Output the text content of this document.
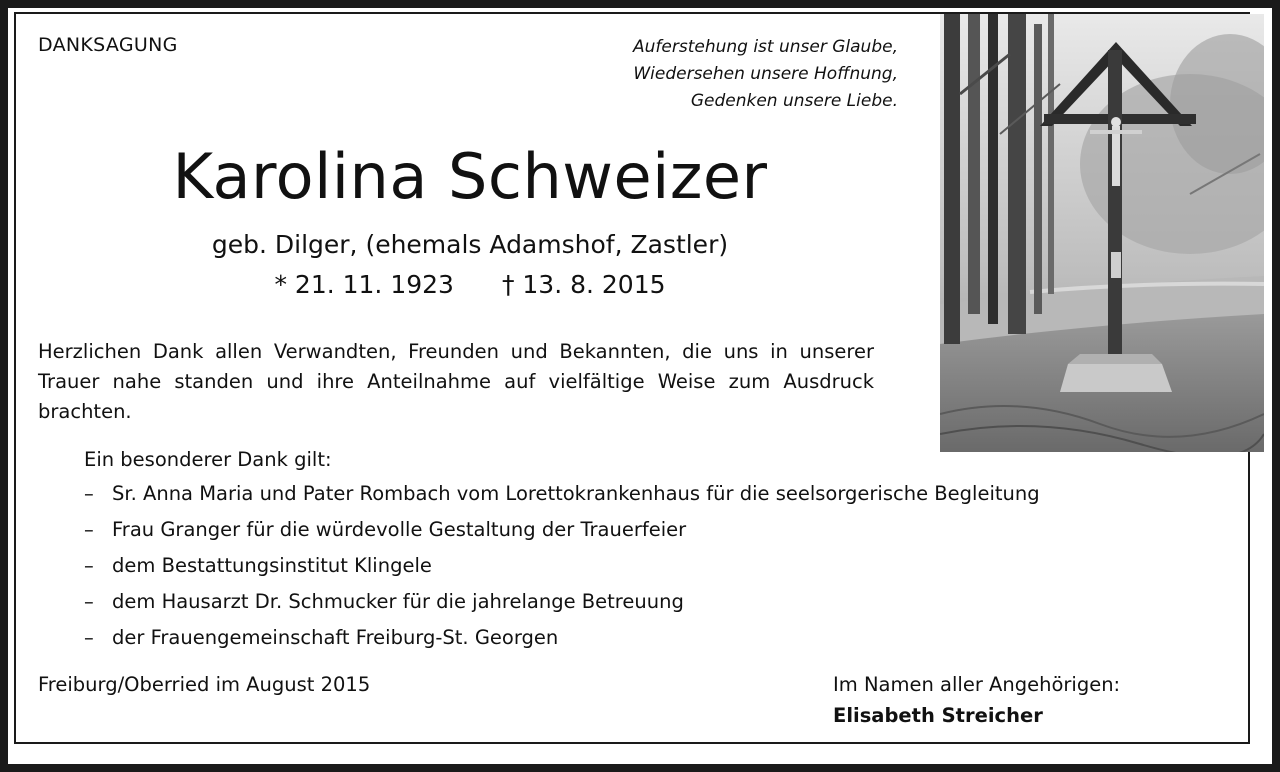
DANKSAGUNG	Auferstehung ist unser Glaube,
Wiedersehen unsere Hoffnung,
Gedenken unsere Liebe.

Karolina Schweizer
geb. Dilger, (ehemals Adamshof, Zastler)
* 21. 11. 1923 † 13. 8. 2015

Herzlichen Dank allen Verwandten, Freunden und Bekannten, die uns in unserer Trauer nahe standen und ihre Anteilnahme auf vielfältige Weise zum Ausdruck brachten.

Ein besonderer Dank gilt:
– Sr. Anna Maria und Pater Rombach vom Lorettokrankenhaus für die seelsorgerische Begleitung
– Frau Granger für die würdevolle Gestaltung der Trauerfeier
– dem Bestattungsinstitut Klingele
– dem Hausarzt Dr. Schmucker für die jahrelange Betreuung
– der Frauengemeinschaft Freiburg-St. Georgen
Freiburg/Oberried im August 2015	Im Namen aller Angehörigen:
Elisabeth Streicher
